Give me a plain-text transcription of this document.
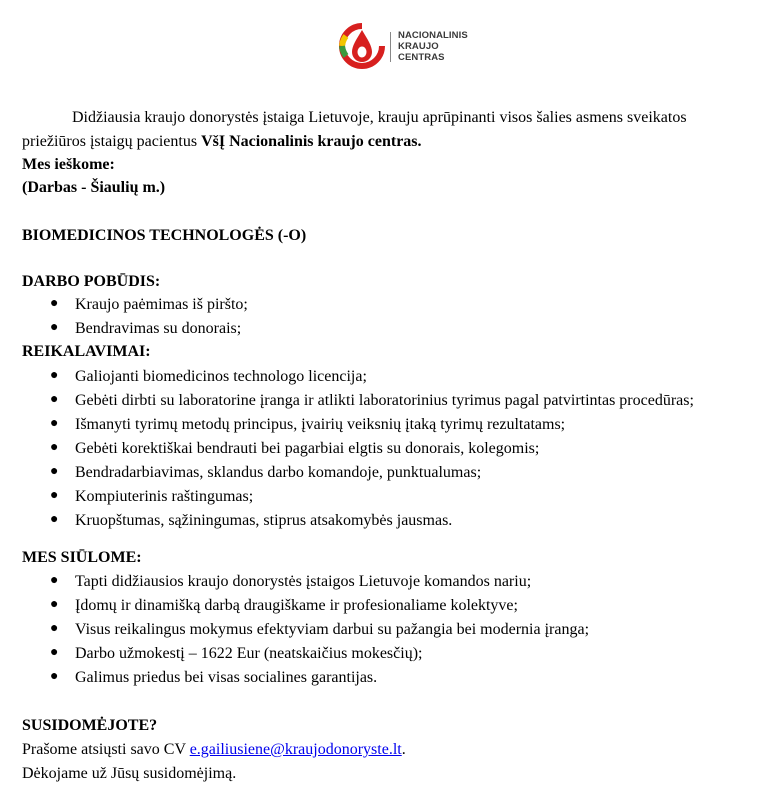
NACIONALINIS
KRAUJO
CENTRAS
Didžiausia kraujo donorystės įstaiga Lietuvoje, krauju aprūpinanti visos šalies asmens sveikatos
priežiūros įstaigų pacientus VšĮ Nacionalinis kraujo centras.
Mes ieškome:
(Darbas - Šiaulių m.)
BIOMEDICINOS TECHNOLOGĖS (-O)
DARBO POBŪDIS:
● Kraujo paėmimas iš piršto;
● Bendravimas su donorais;
REIKALAVIMAI:
● Galiojanti biomedicinos technologo licencija;
● Gebėti dirbti su laboratorine įranga ir atlikti laboratorinius tyrimus pagal patvirtintas procedūras;
● Išmanyti tyrimų metodų principus, įvairių veiksnių įtaką tyrimų rezultatams;
● Gebėti korektiškai bendrauti bei pagarbiai elgtis su donorais, kolegomis;
● Bendradarbiavimas, sklandus darbo komandoje, punktualumas;
● Kompiuterinis raštingumas;
● Kruopštumas, sąžiningumas, stiprus atsakomybės jausmas.
MES SIŪLOME:
● Tapti didžiausios kraujo donorystės įstaigos Lietuvoje komandos nariu;
● Įdomų ir dinamišką darbą draugiškame ir profesionaliame kolektyve;
● Visus reikalingus mokymus efektyviam darbui su pažangia bei modernia įranga;
● Darbo užmokestį – 1622 Eur (neatskaičius mokesčių);
● Galimus priedus bei visas socialines garantijas.
SUSIDOMĖJOTE?
Prašome atsiųsti savo CV e.gailiusiene@kraujodonoryste.lt.
Dėkojame už Jūsų susidomėjimą.
